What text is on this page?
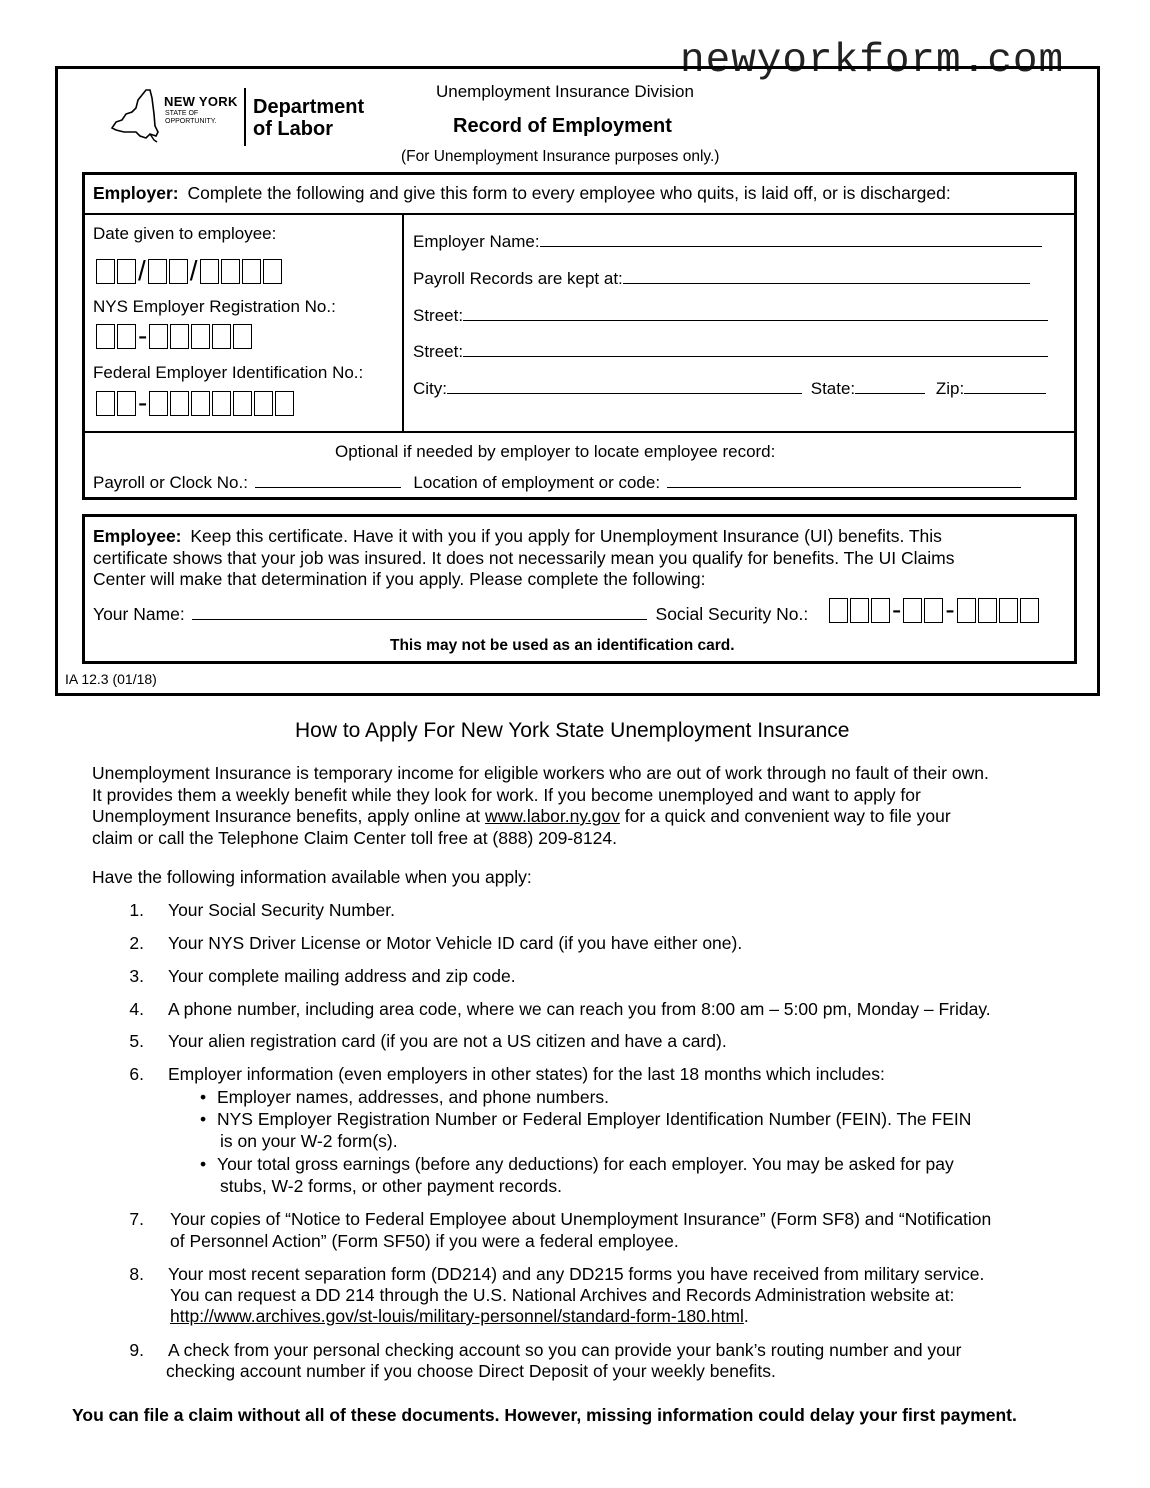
newyorkform.com
NEW YORK
STATE OF
OPPORTUNITY.
Department
of Labor
Unemployment Insurance Division
Record of Employment
(For Unemployment Insurance purposes only.)
Employer: Complete the following and give this form to every employee who quits, is laid off, or is discharged:
Date given to employee:
/ /
NYS Employer Registration No.:
-
Federal Employer Identification No.:
-
Employer Name:
Payroll Records are kept at:
Street:
Street:
City:	State:	Zip:
Optional if needed by employer to locate employee record:
Payroll or Clock No.:	Location of employment or code:
Employee: Keep this certificate. Have it with you if you apply for Unemployment Insurance (UI) benefits. This
certificate shows that your job was insured. It does not necessarily mean you qualify for benefits. The UI Claims
Center will make that determination if you apply. Please complete the following:
Your Name:	Social Security No.:	- -
This may not be used as an identification card.
IA 12.3 (01/18)
How to Apply For New York State Unemployment Insurance
Unemployment Insurance is temporary income for eligible workers who are out of work through no fault of their own.
It provides them a weekly benefit while they look for work. If you become unemployed and want to apply for
Unemployment Insurance benefits, apply online at www.labor.ny.gov for a quick and convenient way to file your
claim or call the Telephone Claim Center toll free at (888) 209-8124.
Have the following information available when you apply:
1. Your Social Security Number.
2. Your NYS Driver License or Motor Vehicle ID card (if you have either one).
3. Your complete mailing address and zip code.
4. A phone number, including area code, where we can reach you from 8:00 am – 5:00 pm, Monday – Friday.
5. Your alien registration card (if you are not a US citizen and have a card).
6. Employer information (even employers in other states) for the last 18 months which includes:
• Employer names, addresses, and phone numbers.
• NYS Employer Registration Number or Federal Employer Identification Number (FEIN). The FEIN
is on your W-2 form(s).
• Your total gross earnings (before any deductions) for each employer. You may be asked for pay
stubs, W-2 forms, or other payment records.
7. Your copies of “Notice to Federal Employee about Unemployment Insurance” (Form SF8) and “Notification
of Personnel Action” (Form SF50) if you were a federal employee.
8. Your most recent separation form (DD214) and any DD215 forms you have received from military service.
You can request a DD 214 through the U.S. National Archives and Records Administration website at:
http://www.archives.gov/st-louis/military-personnel/standard-form-180.html.
9. A check from your personal checking account so you can provide your bank’s routing number and your
checking account number if you choose Direct Deposit of your weekly benefits.
You can file a claim without all of these documents. However, missing information could delay your first payment.
